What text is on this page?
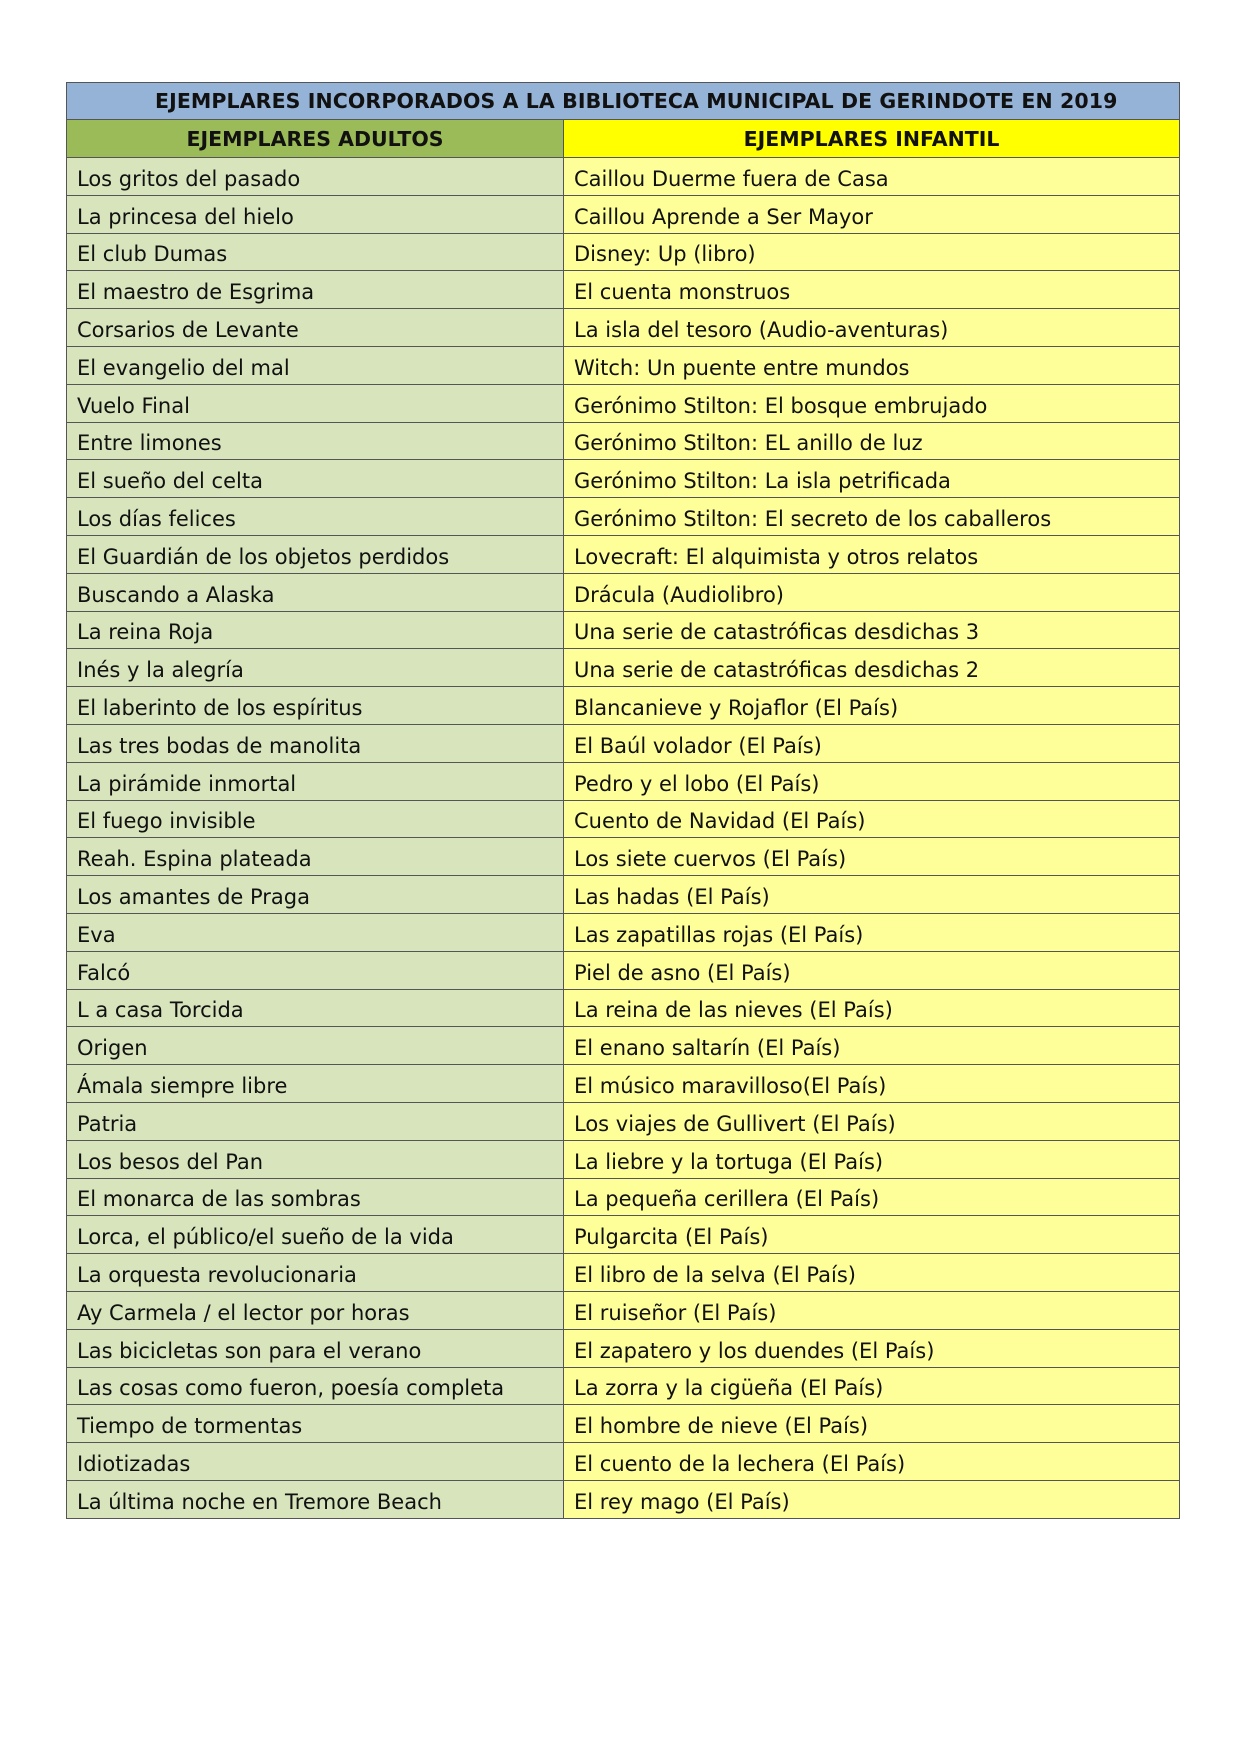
EJEMPLARES INCORPORADOS A LA BIBLIOTECA MUNICIPAL DE GERINDOTE EN 2019	
EJEMPLARES ADULTOS	EJEMPLARES INFANTIL
Los gritos del pasado	Caillou Duerme fuera de Casa
La princesa del hielo	Caillou Aprende a Ser Mayor
El club Dumas	Disney: Up (libro)
El maestro de Esgrima	El cuenta monstruos
Corsarios de Levante	La isla del tesoro (Audio-aventuras)
El evangelio del mal	Witch: Un puente entre mundos
Vuelo Final	Gerónimo Stilton: El bosque embrujado
Entre limones	Gerónimo Stilton: EL anillo de luz
El sueño del celta	Gerónimo Stilton: La isla petrificada
Los días felices	Gerónimo Stilton: El secreto de los caballeros
El Guardián de los objetos perdidos	Lovecraft: El alquimista y otros relatos
Buscando a Alaska	Drácula (Audiolibro)
La reina Roja	Una serie de catastróficas desdichas 3
Inés y la alegría	Una serie de catastróficas desdichas 2
El laberinto de los espíritus	Blancanieve y Rojaflor (El País)
Las tres bodas de manolita	El Baúl volador (El País)
La pirámide inmortal	Pedro y el lobo (El País)
El fuego invisible	Cuento de Navidad (El País)
Reah. Espina plateada	Los siete cuervos (El País)
Los amantes de Praga	Las hadas (El País)
Eva	Las zapatillas rojas (El País)
Falcó	Piel de asno (El País)
L a casa Torcida	La reina de las nieves (El País)
Origen	El enano saltarín (El País)
Ámala siempre libre	El músico maravilloso(El País)
Patria	Los viajes de Gullivert (El País)
Los besos del Pan	La liebre y la tortuga (El País)
El monarca de las sombras	La pequeña cerillera (El País)
Lorca, el público/el sueño de la vida	Pulgarcita (El País)
La orquesta revolucionaria	El libro de la selva (El País)
Ay Carmela / el lector por horas	El ruiseñor (El País)
Las bicicletas son para el verano	El zapatero y los duendes (El País)
Las cosas como fueron, poesía completa	La zorra y la cigüeña (El País)
Tiempo de tormentas	El hombre de nieve (El País)
Idiotizadas	El cuento de la lechera (El País)
La última noche en Tremore Beach	El rey mago (El País)
